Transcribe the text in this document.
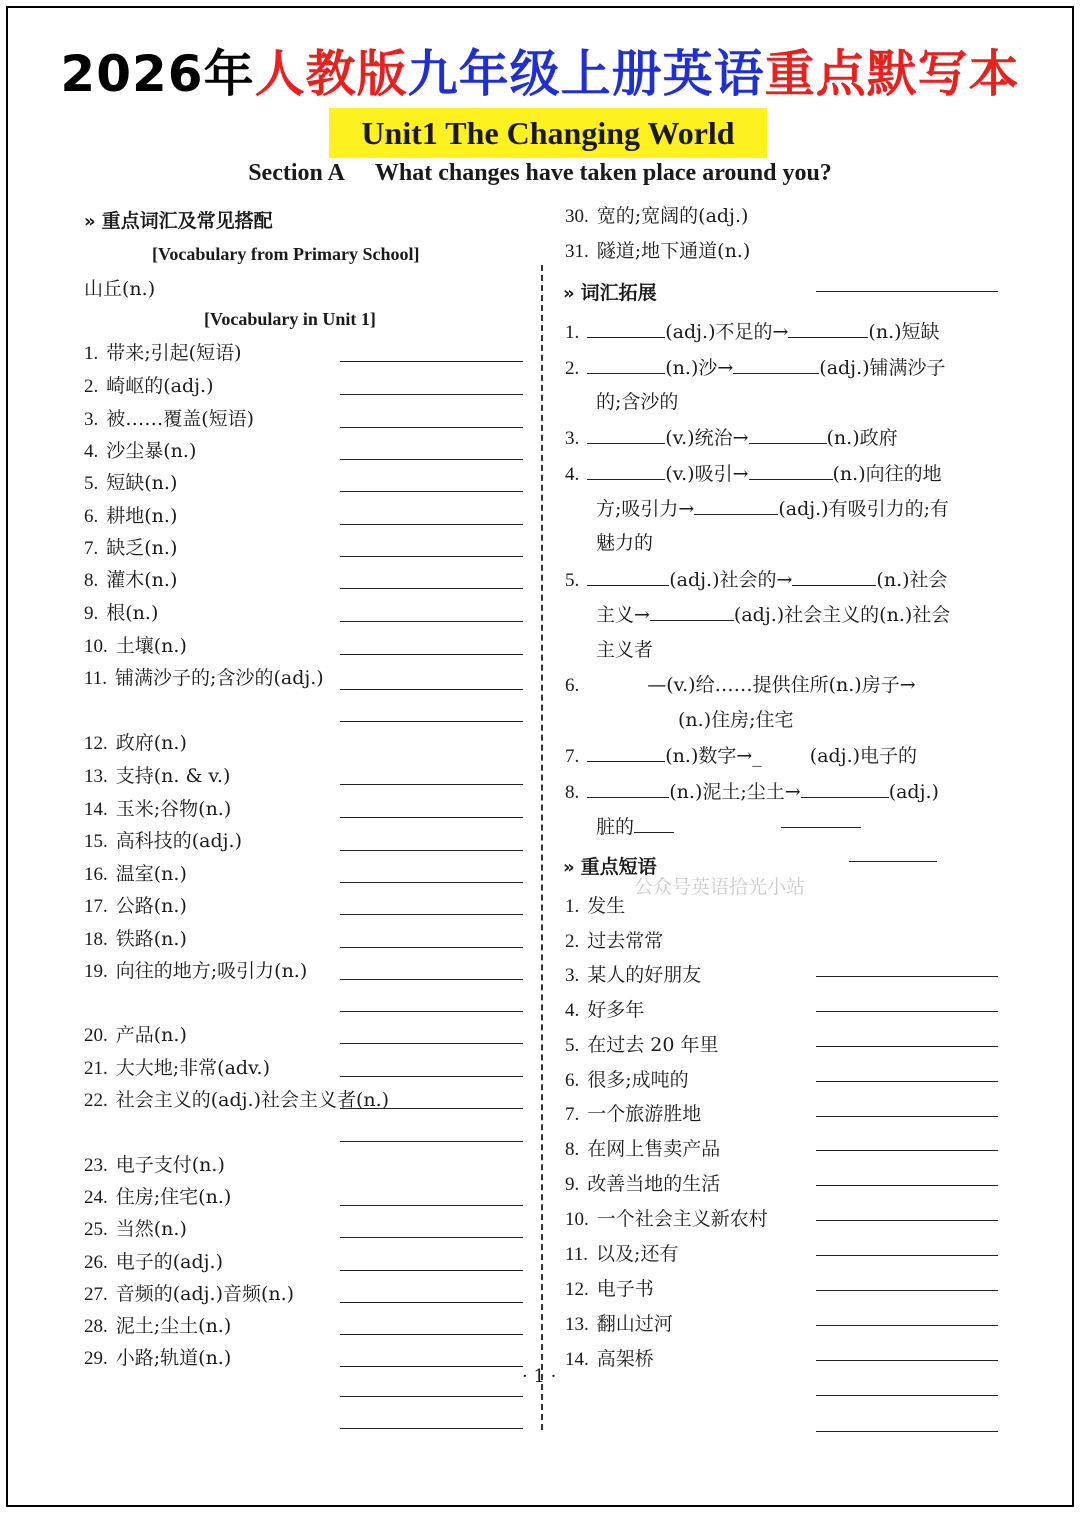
2026年人教版九年级上册英语重点默写本
Unit1 The Changing World
Section A What changes have taken place around you?
» 重点词汇及常见搭配
[Vocabulary from Primary School]
山丘(n.)
[Vocabulary in Unit 1]
1. 带来;引起(短语)
2. 崎岖的(adj.)
3. 被……覆盖(短语)
4. 沙尘暴(n.)
5. 短缺(n.)
6. 耕地(n.)
7. 缺乏(n.)
8. 灌木(n.)
9. 根(n.)
10. 土壤(n.)
11. 铺满沙子的;含沙的(adj.)
12. 政府(n.)
13. 支持(n. & v.)
14. 玉米;谷物(n.)
15. 高科技的(adj.)
16. 温室(n.)
17. 公路(n.)
18. 铁路(n.)
19. 向往的地方;吸引力(n.)
20. 产品(n.)
21. 大大地;非常(adv.)
22. 社会主义的(adj.)社会主义者(n.)
23. 电子支付(n.)
24. 住房;住宅(n.)
25. 当然(n.)
26. 电子的(adj.)
27. 音频的(adj.)音频(n.)
28. 泥土;尘土(n.)
29. 小路;轨道(n.)
30. 宽的;宽阔的(adj.)
31. 隧道;地下通道(n.)
» 词汇拓展
1.	(adj.)不足的→	(n.)短缺
2.	(n.)沙→	(adj.)铺满沙子
的;含沙的
3.	(v.)统治→	(n.)政府
4.	(v.)吸引→	(n.)向往的地
方;吸引力→	(adj.)有吸引力的;有
魅力的
5.	(adj.)社会的→	(n.)社会
主义→	(adj.)社会主义的(n.)社会
主义者
6.	—(v.)给……提供住所(n.)房子→
(n.)住房;住宅
7.	(n.)数字→_	(adj.)电子的
8.	(n.)泥土;尘土→	(adj.)
脏的
» 重点短语
公众号英语拾光小站
1. 发生
2. 过去常常
3. 某人的好朋友
4. 好多年
5. 在过去 20 年里
6. 很多;成吨的
7. 一个旅游胜地
8. 在网上售卖产品
9. 改善当地的生活
10. 一个社会主义新农村
11. 以及;还有
12. 电子书
13. 翻山过河
14. 高架桥
· 1 ·
